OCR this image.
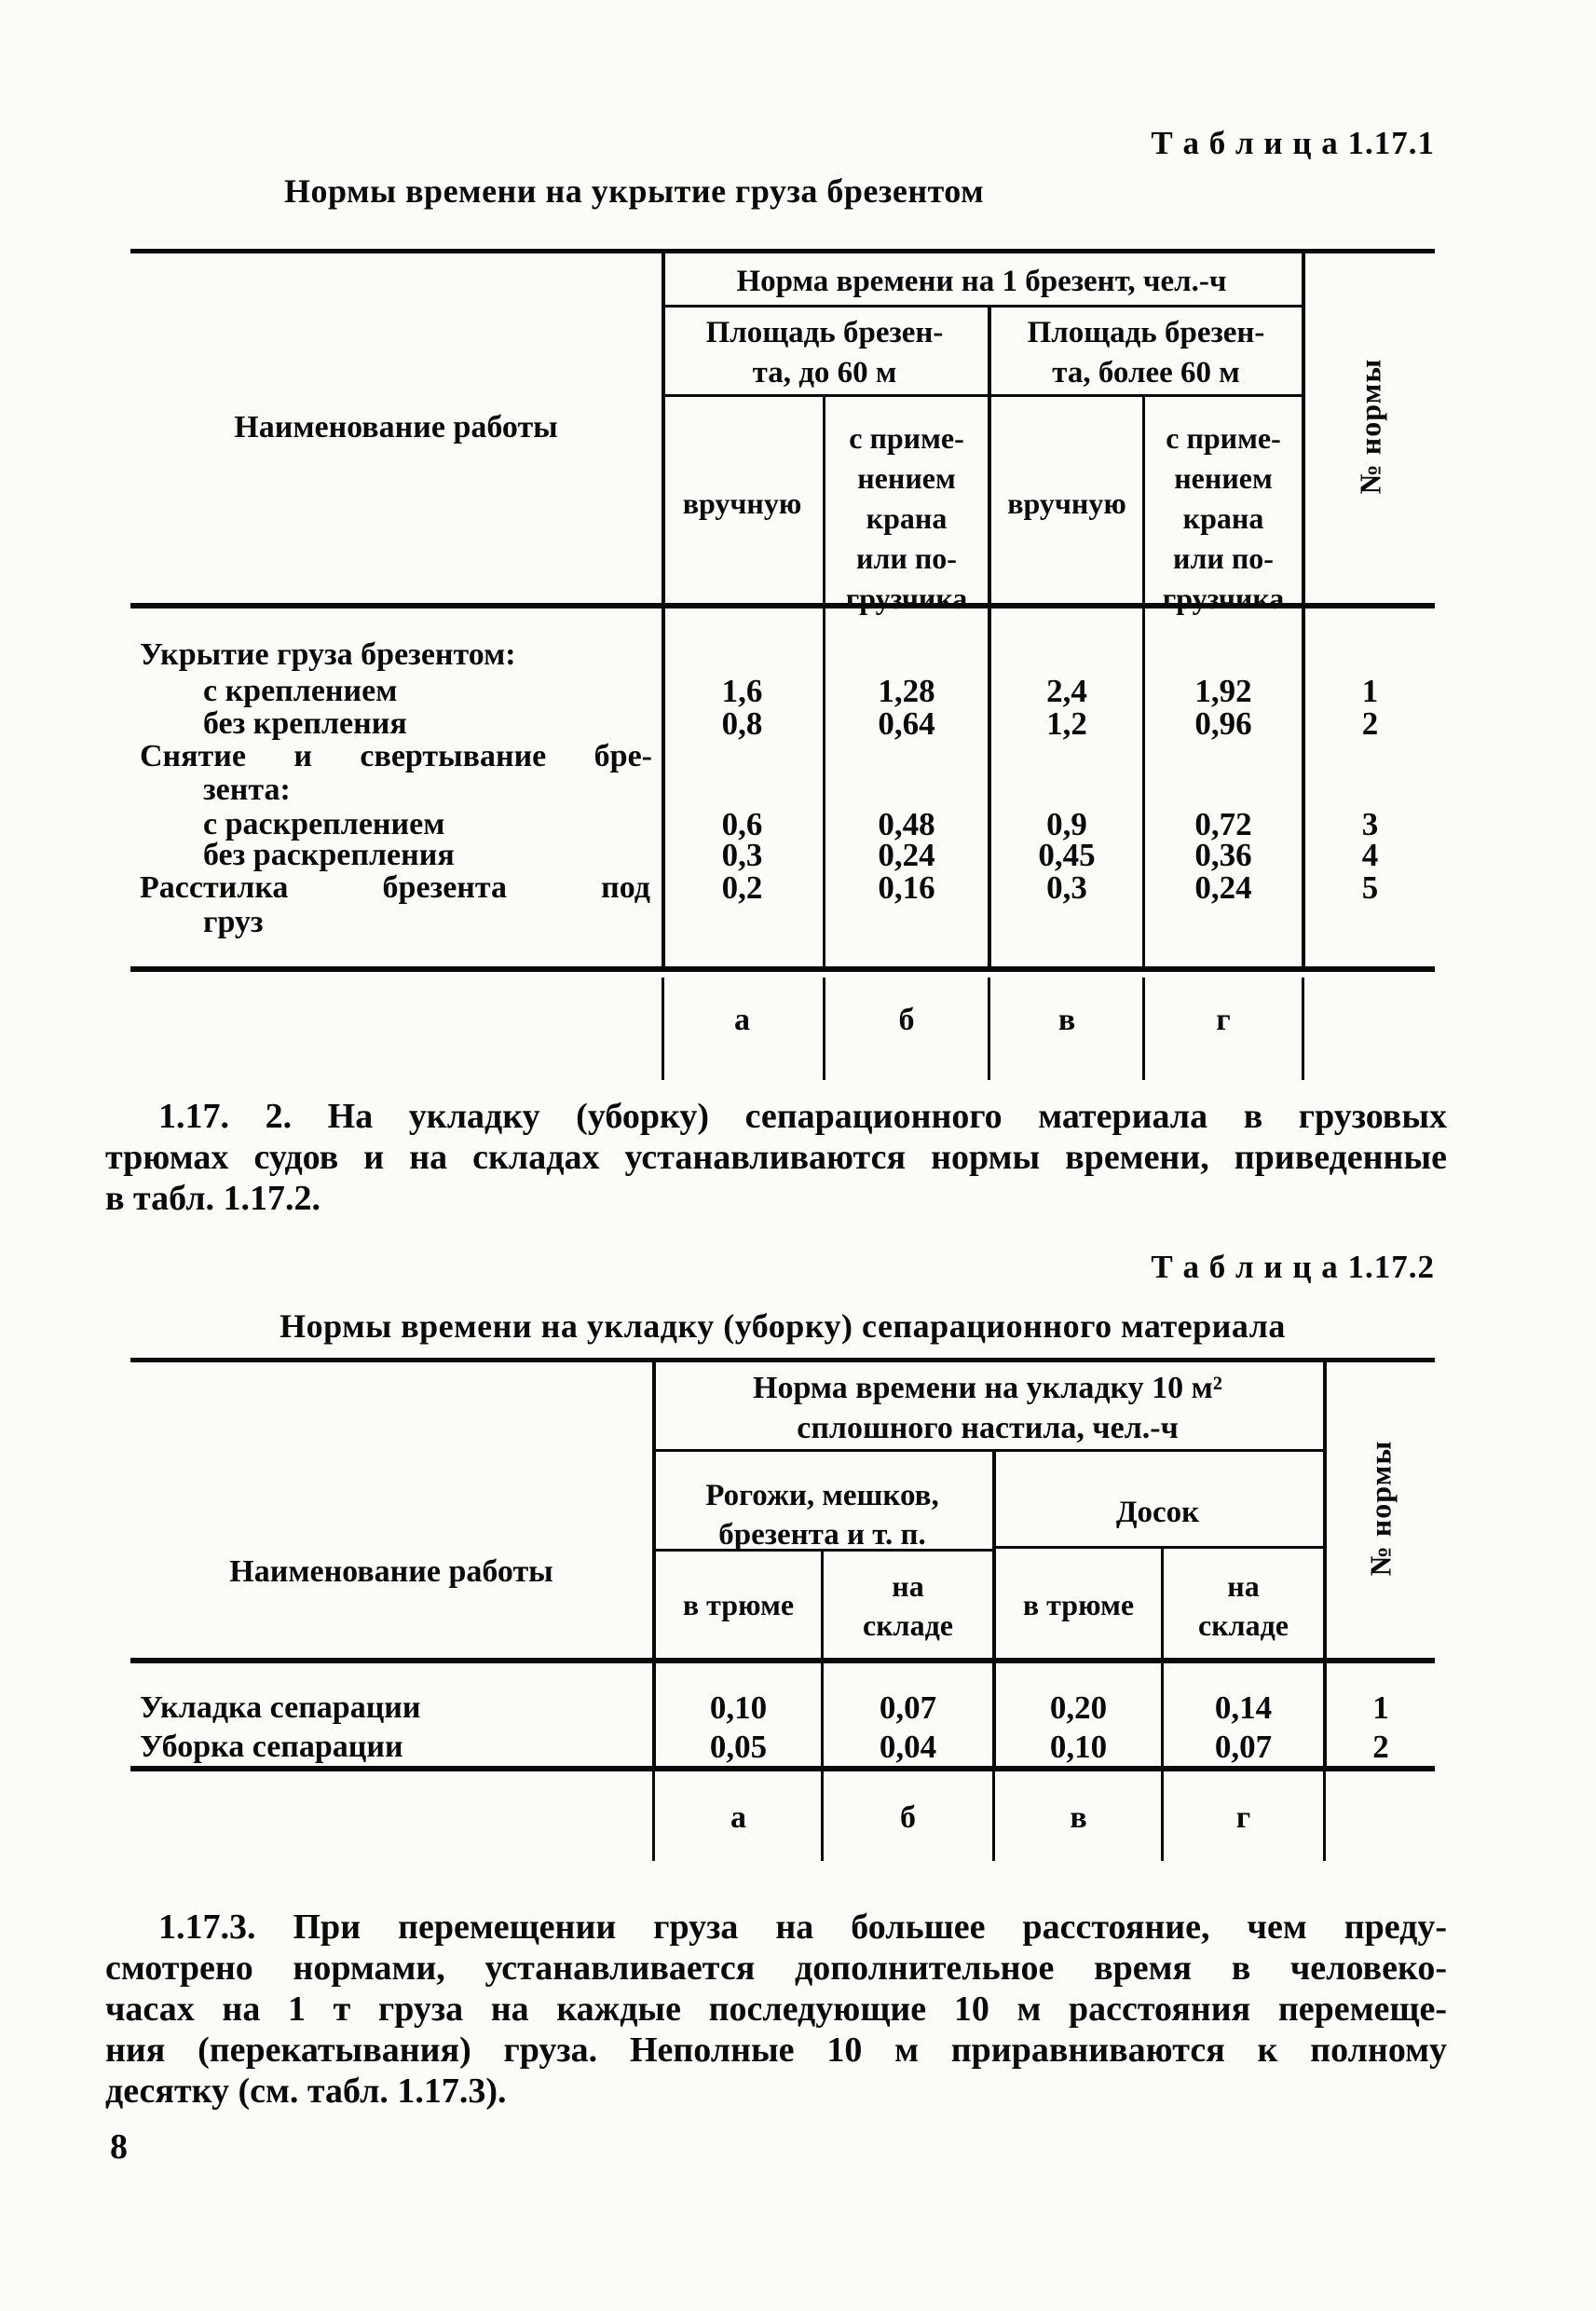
Т а б л и ц а 1.17.1
Нормы времени на укрытие груза брезентом
Наименование работы
Норма времени на 1 брезент, чел.-ч
Площадь брезен-
та, до 60 м
Площадь брезен-
та, более 60 м
вручную
с приме-
нением
крана
или по-
грузчика
вручную
с приме-
нением
крана
или по-
грузчика
№ нормы
Укрытие груза брезентом:
с креплением	1,6	1,28	2,4	1,92	1
без крепления	0,8	0,64	1,2	0,96	2
Снятие и свертывание бре-
зента:
с раскреплением	0,6	0,48	0,9	0,72	3
без раскрепления	0,3	0,24	0,45	0,36	4
Расстилка брезента под	0,2	0,16	0,3	0,24	5
груз
а	б	в	г
1.17. 2. На укладку (уборку) сепарационного материала в грузовых
трюмах судов и на складах устанавливаются нормы времени, приведенные
в табл. 1.17.2.
Т а б л и ц а 1.17.2
Нормы времени на укладку (уборку) сепарационного материала
Наименование работы
Норма времени на укладку 10 м²
сплошного настила, чел.-ч
Рогожи, мешков,
брезента и т. п.
Досок
в трюме
на
складе
в трюме
на
складе
№ нормы
Укладка сепарации	0,10	0,07	0,20	0,14	1
Уборка сепарации	0,05	0,04	0,10	0,07	2
а	б	в	г
1.17.3. При перемещении груза на большее расстояние, чем преду-
смотрено нормами, устанавливается дополнительное время в человеко-
часах на 1 т груза на каждые последующие 10 м расстояния перемеще-
ния (перекатывания) груза. Неполные 10 м приравниваются к полному
десятку (см. табл. 1.17.3).
8
